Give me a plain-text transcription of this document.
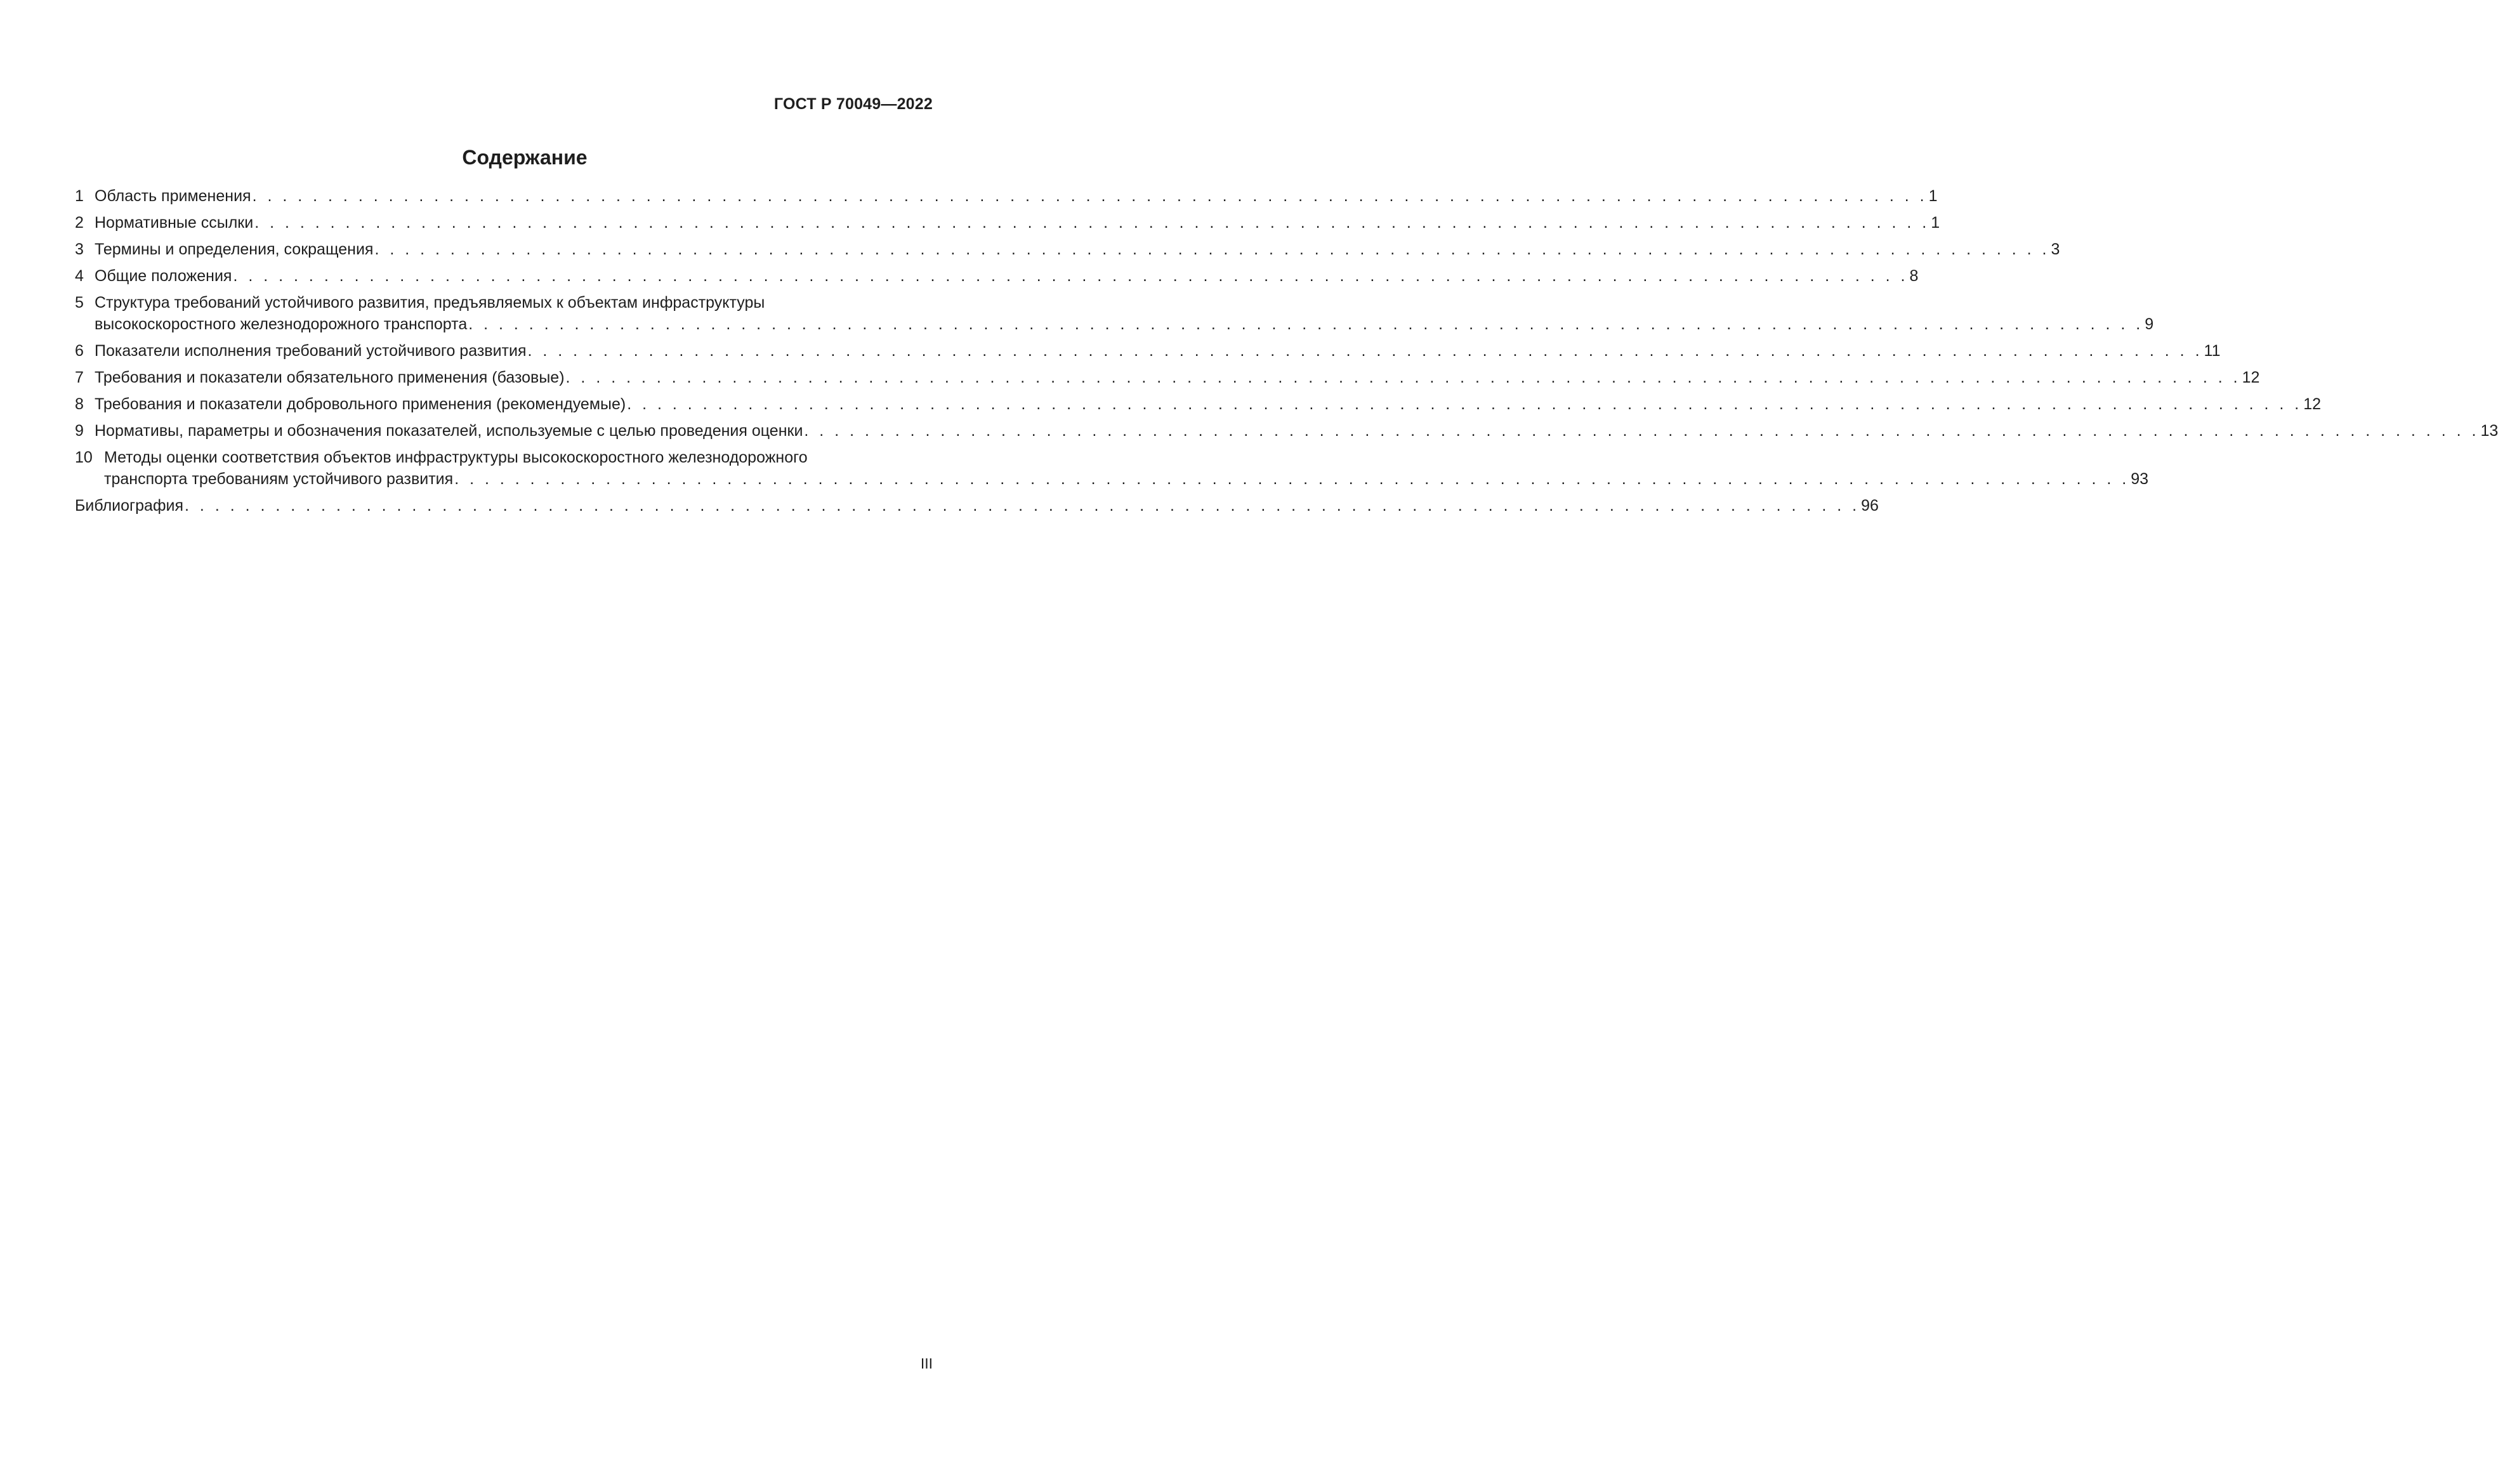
ГОСТ Р 70049—2022
Содержание
1 Область применения . . . . . . . . . . . . . . . . . . . . . . . . . . . . . . . . . . . . . . . . . . . . . . . . . . . . . . . . . . . . . . . . . . . . . . . . . . . . . . . . . . . . . . . . . . . . . . . . . . . . . . . . . . . . . . . 1
2 Нормативные ссылки . . . . . . . . . . . . . . . . . . . . . . . . . . . . . . . . . . . . . . . . . . . . . . . . . . . . . . . . . . . . . . . . . . . . . . . . . . . . . . . . . . . . . . . . . . . . . . . . . . . . . . . . . . . . . . . 1
3 Термины и определения, сокращения . . . . . . . . . . . . . . . . . . . . . . . . . . . . . . . . . . . . . . . . . . . . . . . . . . . . . . . . . . . . . . . . . . . . . . . . . . . . . . . . . . . . . . . . . . . . . . . . . . . . . . . . . . . . . . . 3
4 Общие положения . . . . . . . . . . . . . . . . . . . . . . . . . . . . . . . . . . . . . . . . . . . . . . . . . . . . . . . . . . . . . . . . . . . . . . . . . . . . . . . . . . . . . . . . . . . . . . . . . . . . . . . . . . . . . . . 8
5 Структура требований устойчивого развития, предъявляемых к объектам инфраструктуры
высокоскоростного железнодорожного транспорта . . . . . . . . . . . . . . . . . . . . . . . . . . . . . . . . . . . . . . . . . . . . . . . . . . . . . . . . . . . . . . . . . . . . . . . . . . . . . . . . . . . . . . . . . . . . . . . . . . . . . . . . . . . . . . . 9
6 Показатели исполнения требований устойчивого развития . . . . . . . . . . . . . . . . . . . . . . . . . . . . . . . . . . . . . . . . . . . . . . . . . . . . . . . . . . . . . . . . . . . . . . . . . . . . . . . . . . . . . . . . . . . . . . . . . . . . . . . . . . . . . . . 11
7 Требования и показатели обязательного применения (базовые) . . . . . . . . . . . . . . . . . . . . . . . . . . . . . . . . . . . . . . . . . . . . . . . . . . . . . . . . . . . . . . . . . . . . . . . . . . . . . . . . . . . . . . . . . . . . . . . . . . . . . . . . . . . . . . . 12
8 Требования и показатели добровольного применения (рекомендуемые) . . . . . . . . . . . . . . . . . . . . . . . . . . . . . . . . . . . . . . . . . . . . . . . . . . . . . . . . . . . . . . . . . . . . . . . . . . . . . . . . . . . . . . . . . . . . . . . . . . . . . . . . . . . . . . . 12
9 Нормативы, параметры и обозначения показателей, используемые с целью проведения оценки . . . . . . . . . . . . . . . . . . . . . . . . . . . . . . . . . . . . . . . . . . . . . . . . . . . . . . . . . . . . . . . . . . . . . . . . . . . . . . . . . . . . . . . . . . . . . . . . . . . . . . . . . . . . . . . 13
10 Методы оценки соответствия объектов инфраструктуры высокоскоростного железнодорожного
транспорта требованиям устойчивого развития . . . . . . . . . . . . . . . . . . . . . . . . . . . . . . . . . . . . . . . . . . . . . . . . . . . . . . . . . . . . . . . . . . . . . . . . . . . . . . . . . . . . . . . . . . . . . . . . . . . . . . . . . . . . . . . 93
Библиография . . . . . . . . . . . . . . . . . . . . . . . . . . . . . . . . . . . . . . . . . . . . . . . . . . . . . . . . . . . . . . . . . . . . . . . . . . . . . . . . . . . . . . . . . . . . . . . . . . . . . . . . . . . . . . . 96
III
